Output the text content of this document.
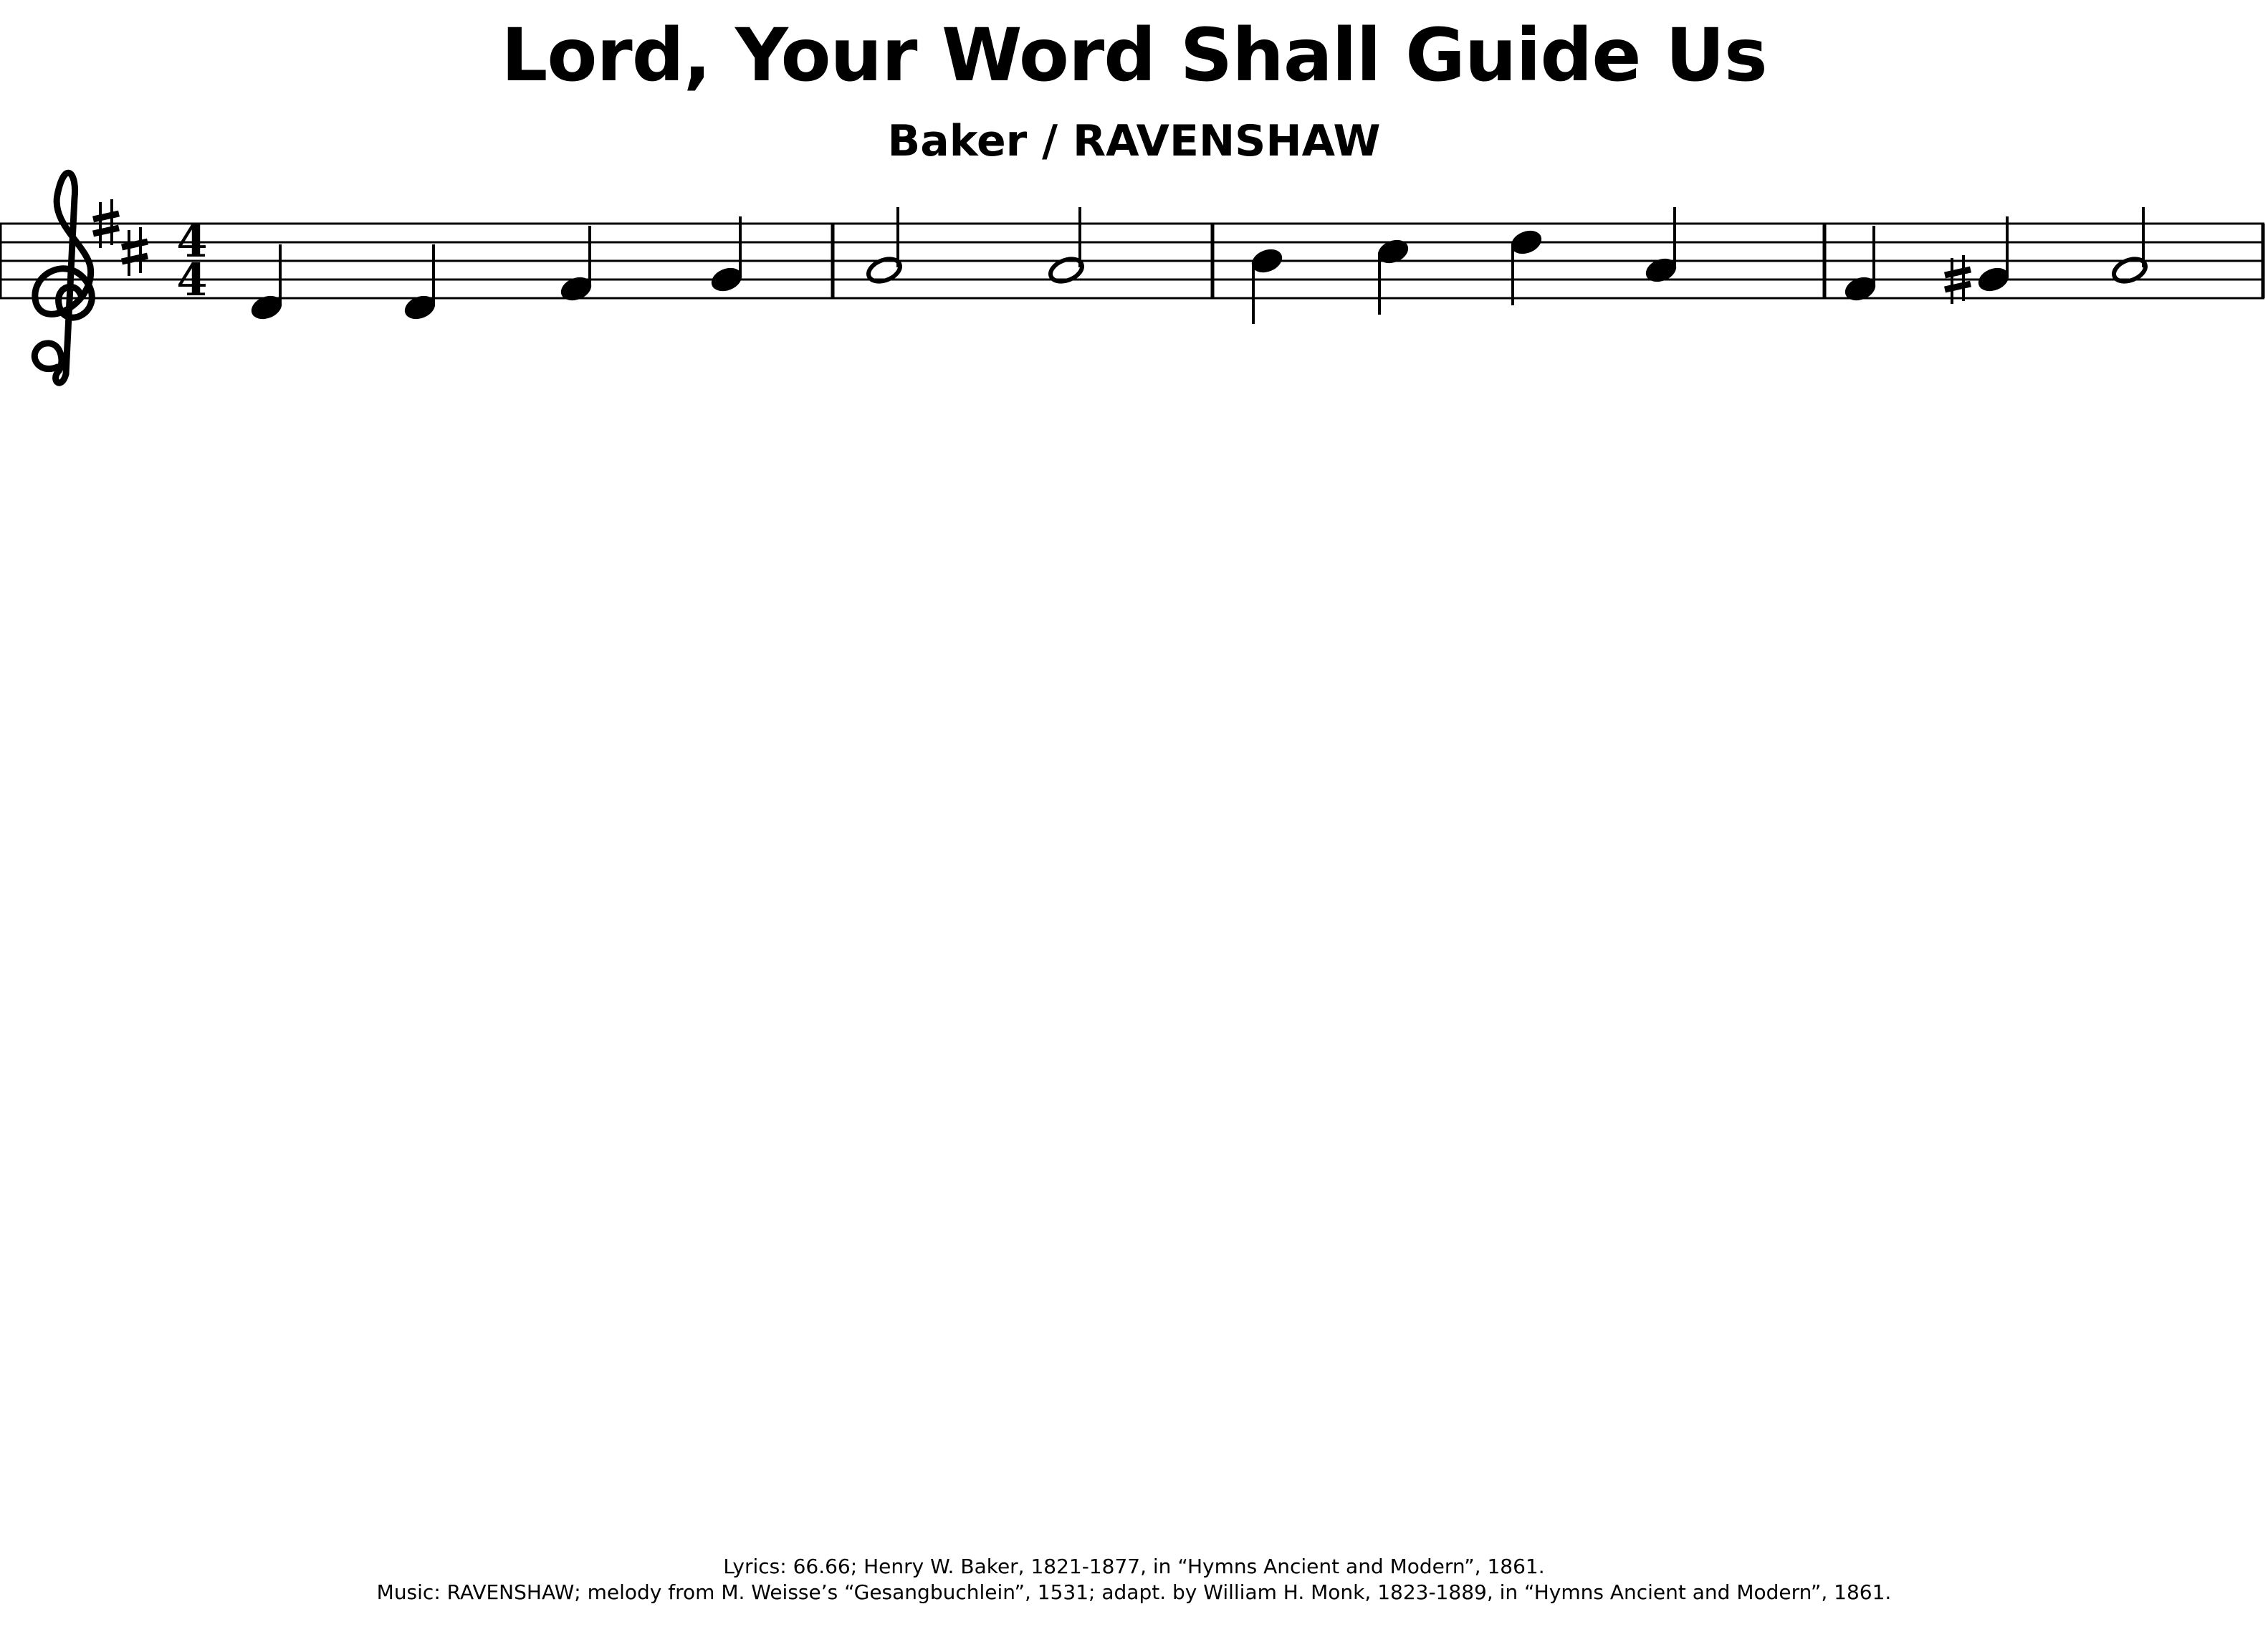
Lord, Your Word Shall Guide Us
Baker / RAVENSHAW
4
4
Lyrics: 66.66; Henry W. Baker, 1821-1877, in “Hymns Ancient and Modern”, 1861.
Music: RAVENSHAW; melody from M. Weisse’s “Gesangbuchlein”, 1531; adapt. by William H. Monk, 1823-1889, in “Hymns Ancient and Modern”, 1861.
